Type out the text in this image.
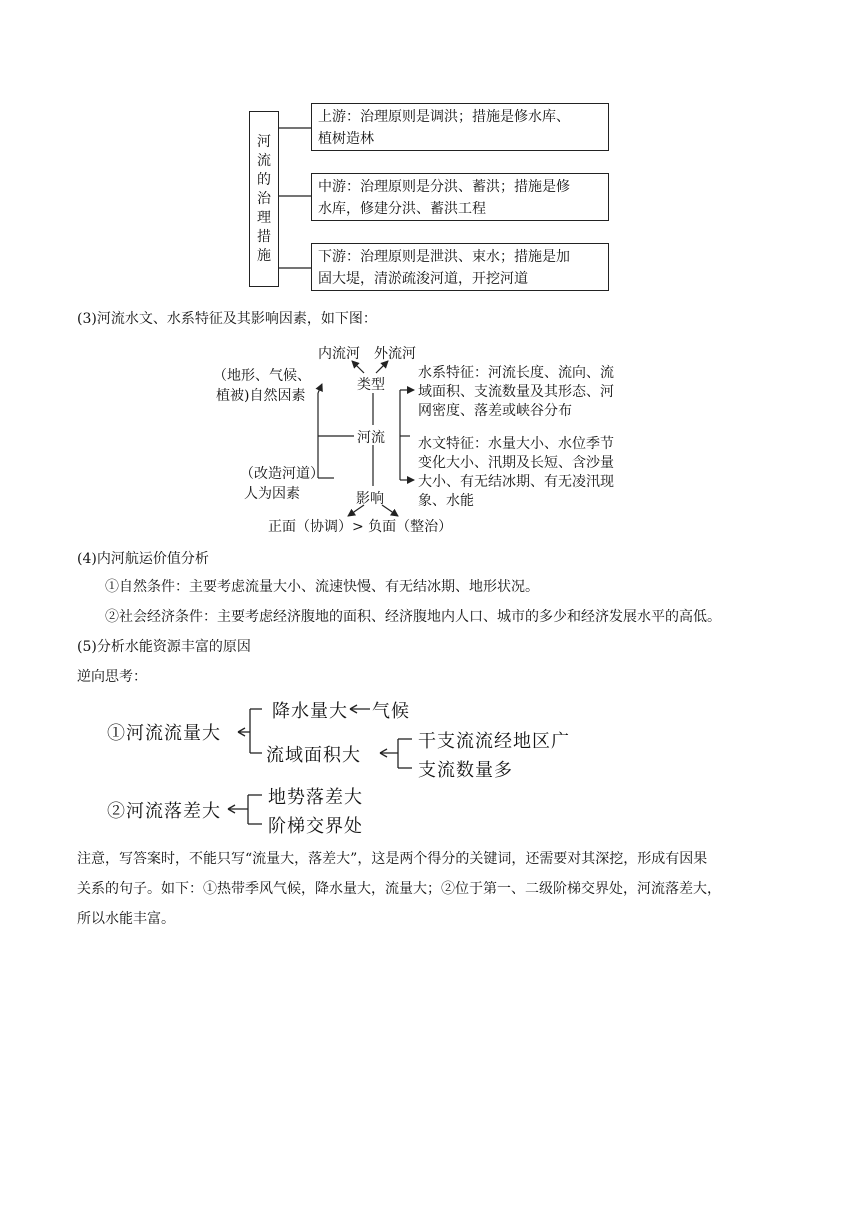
河
流
的
治
理
措
施
上游：治理原则是调洪；措施是修水库、
植树造林
中游：治理原则是分洪、蓄洪；措施是修
水库，修建分洪、蓄洪工程
下游：治理原则是泄洪、束水；措施是加
固大堤，清淤疏浚河道，开挖河道
(3)河流水文、水系特征及其影响因素，如下图：
内流河 外流河
类型
（地形、气候、
植被)自然因素
河流
（改造河道）
人为因素	影响
正面（协调）> 负面（整治）
水系特征：河流长度、流向、流
域面积、支流数量及其形态、河
网密度、落差或峡谷分布
水文特征：水量大小、水位季节
变化大小、汛期及长短、含沙量
大小、有无结冰期、有无凌汛现
象、水能
(4)内河航运价值分析
①自然条件：主要考虑流量大小、流速快慢、有无结冰期、地形状况。
②社会经济条件：主要考虑经济腹地的面积、经济腹地内人口、城市的多少和经济发展水平的高低。
(5)分析水能资源丰富的原因
逆向思考：
①河流流量大
降水量大 气候
流域面积大
干支流流经地区广
支流数量多
②河流落差大
地势落差大
阶梯交界处
注意，写答案时，不能只写“流量大，落差大”，这是两个得分的关键词，还需要对其深挖，形成有因果
关系的句子。如下：①热带季风气候，降水量大，流量大；②位于第一、二级阶梯交界处，河流落差大，
所以水能丰富。
